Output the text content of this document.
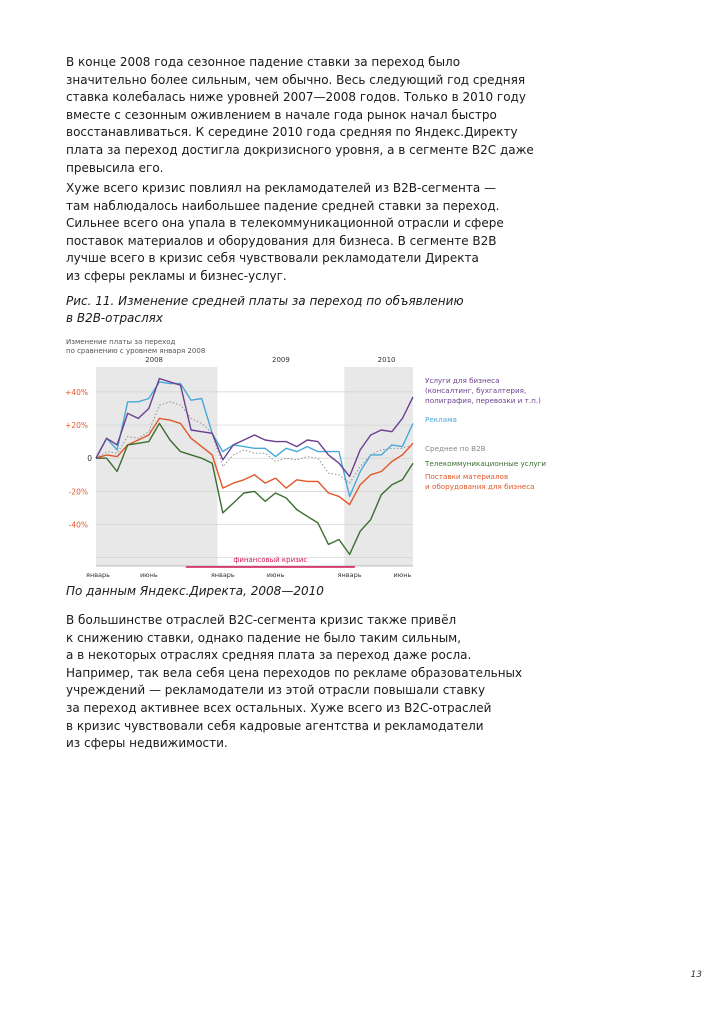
В конце 2008 года сезонное падение ставки за переход было
значительно более сильным, чем обычно. Весь следующий год средняя
ставка колебалась ниже уровней 2007—2008 годов. Только в 2010 году
вместе с сезонным оживлением в начале года рынок начал быстро
восстанавливаться. К середине 2010 года средняя по Яндекс.Директу
плата за переход достигла докризисного уровня, а в сегменте B2C даже
превысила его.

Хуже всего кризис повлиял на рекламодателей из B2B-сегмента —
там наблюдалось наибольшее падение средней ставки за переход.
Сильнее всего она упала в телекоммуникационной отрасли и сфере
поставок материалов и оборудования для бизнеса. В сегменте B2B
лучше всего в кризис себя чувствовали рекламодатели Директа
из сферы рекламы и бизнес-услуг.

Рис. 11. Изменение средней платы за переход по объявлению
в B2B-отраслях
Изменение платы за переход
по сравнению с уровнем января 2008
+40%
+20%
0
-20%
-40%
2008	2009	2010
январь	июнь	январь	июнь	январь	июнь
финансовый кризис
Услуги для бизнеса
(консалтинг, бухгалтерия,
полиграфия, перевозки и т.п.)
Реклама
Среднее по B2B
Поставки материалов
и оборудования для бизнеса
Телекоммуникационные услуги
По данным Яндекс.Директа, 2008—2010

В большинстве отраслей B2C-сегмента кризис также привёл
к снижению ставки, однако падение не было таким сильным,
а в некоторых отраслях средняя плата за переход даже росла.
Например, так вела себя цена переходов по рекламе образовательных
учреждений — рекламодатели из этой отрасли повышали ставку
за переход активнее всех остальных. Хуже всего из B2C-отраслей
в кризис чувствовали себя кадровые агентства и рекламодатели
из сферы недвижимости.

13
